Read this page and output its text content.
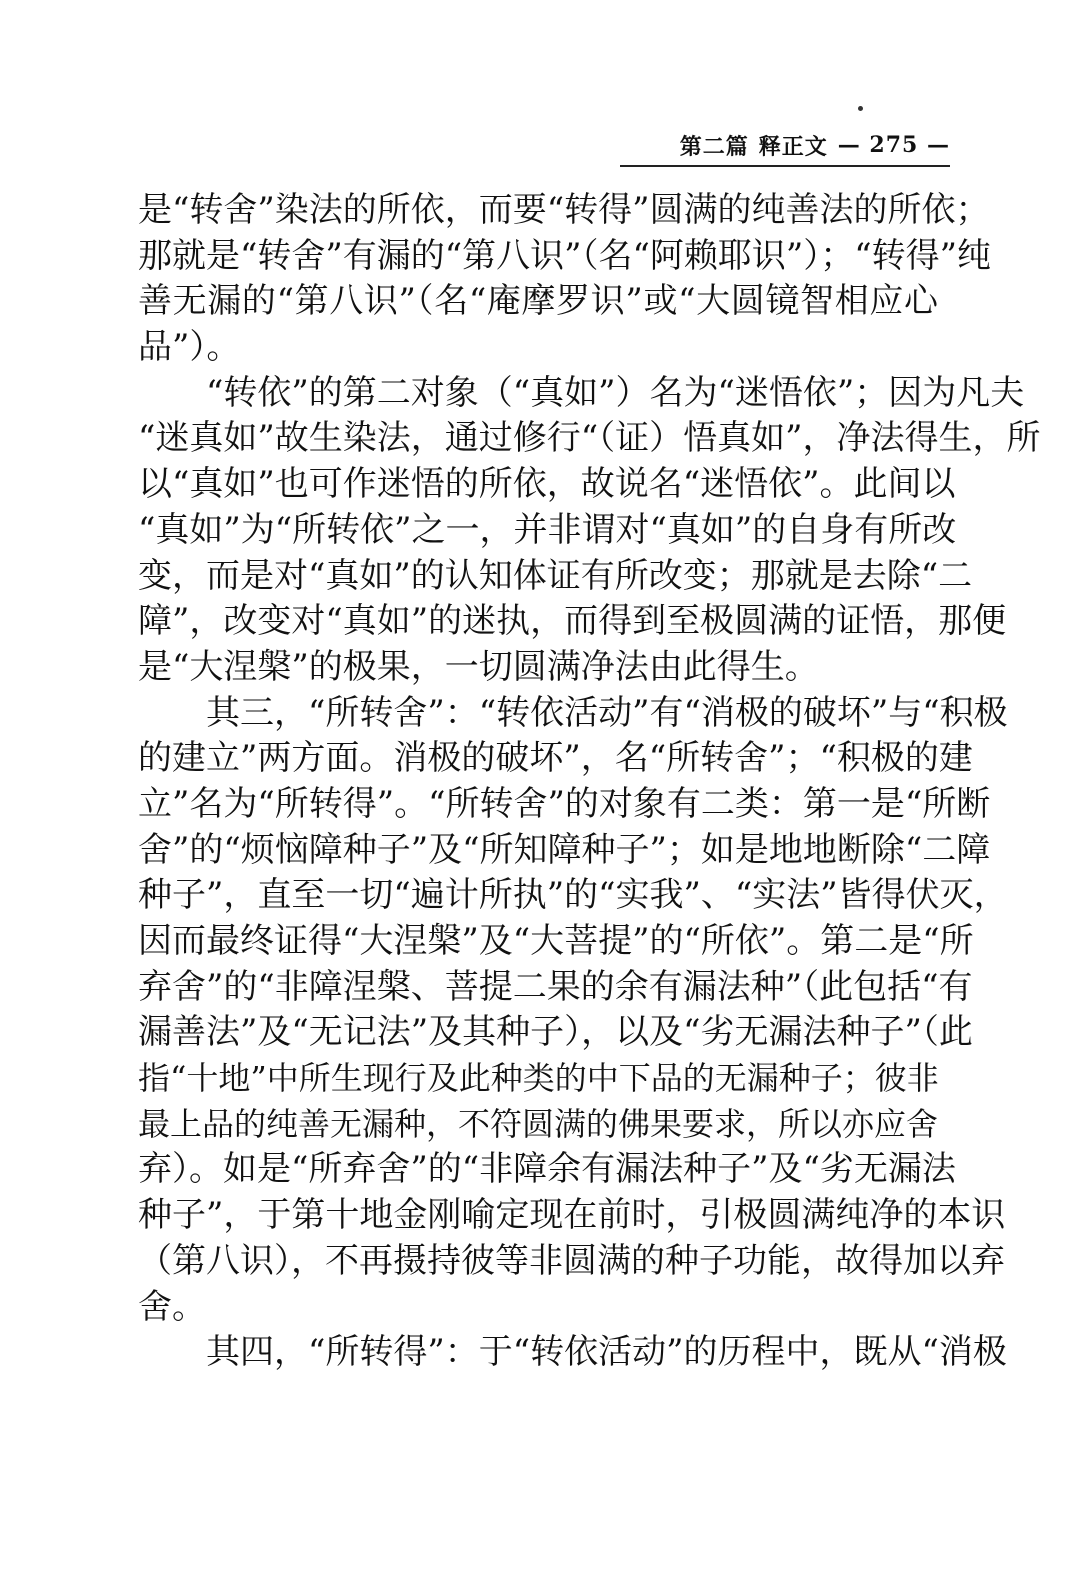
第二篇 释正文 — 275 —
是“转舍”染法的所依，而要“转得”圆满的纯善法的所依；
那就是“转舍”有漏的“第八识”（名“阿赖耶识”）；“转得”纯
善无漏的“第八识”（名“庵摩罗识”或“大圆镜智相应心
品”）。
“转依”的第二对象（“真如”）名为“迷悟依”；因为凡夫
“迷真如”故生染法，通过修行“（证）悟真如”，净法得生，所
以“真如”也可作迷悟的所依，故说名“迷悟依”。此间以
“真如”为“所转依”之一，并非谓对“真如”的自身有所改
变，而是对“真如”的认知体证有所改变；那就是去除“二
障”，改变对“真如”的迷执，而得到至极圆满的证悟，那便
是“大涅槃”的极果，一切圆满净法由此得生。
其三，“所转舍”：“转依活动”有“消极的破坏”与“积极
的建立”两方面。消极的破坏”，名“所转舍”；“积极的建
立”名为“所转得”。“所转舍”的对象有二类：第一是“所断
舍”的“烦恼障种子”及“所知障种子”；如是地地断除“二障
种子”，直至一切“遍计所执”的“实我”、“实法”皆得伏灭，
因而最终证得“大涅槃”及“大菩提”的“所依”。第二是“所
弃舍”的“非障涅槃、菩提二果的余有漏法种”（此包括“有
漏善法”及“无记法”及其种子），以及“劣无漏法种子”（此
指“十地”中所生现行及此种类的中下品的无漏种子；彼非
最上品的纯善无漏种，不符圆满的佛果要求，所以亦应舍
弃）。如是“所弃舍”的“非障余有漏法种子”及“劣无漏法
种子”，于第十地金刚喻定现在前时，引极圆满纯净的本识
（第八识），不再摄持彼等非圆满的种子功能，故得加以弃
舍。
其四，“所转得”：于“转依活动”的历程中，既从“消极
